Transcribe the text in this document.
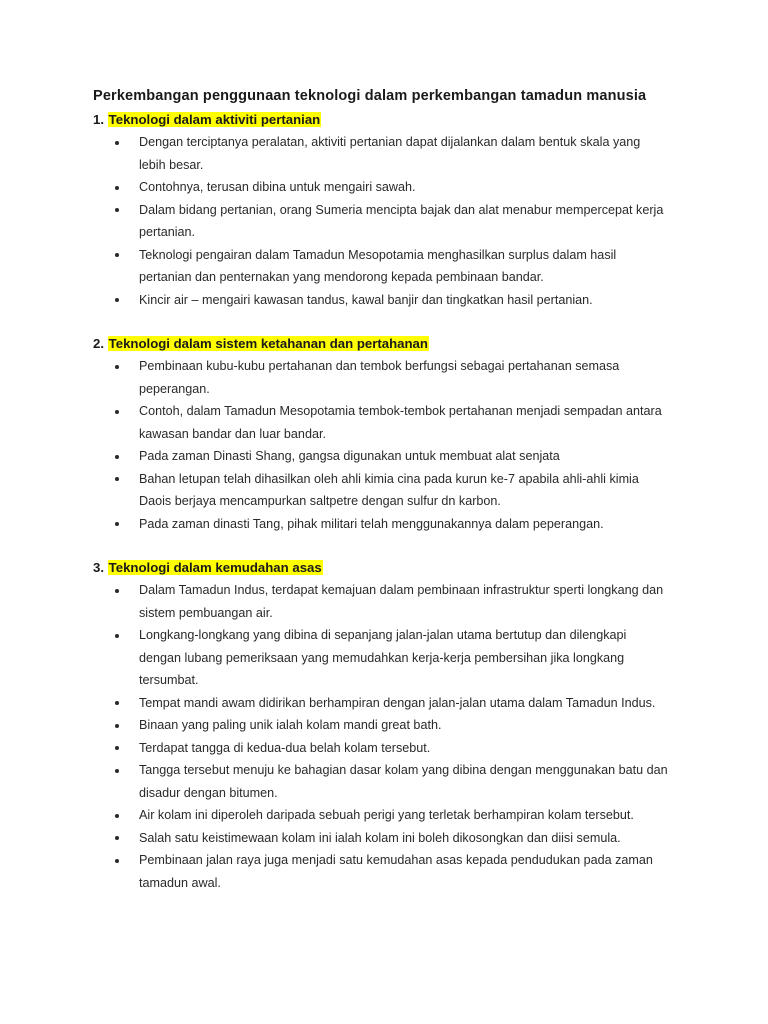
Perkembangan penggunaan teknologi dalam perkembangan tamadun manusia
1. Teknologi dalam aktiviti pertanian
Dengan terciptanya peralatan, aktiviti pertanian dapat dijalankan dalam bentuk skala yang lebih besar.
Contohnya, terusan dibina untuk mengairi sawah.
Dalam bidang pertanian, orang Sumeria mencipta bajak dan alat menabur mempercepat kerja pertanian.
Teknologi pengairan dalam Tamadun Mesopotamia menghasilkan surplus dalam hasil pertanian dan penternakan yang mendorong kepada pembinaan bandar.
Kincir air – mengairi kawasan tandus, kawal banjir dan tingkatkan hasil pertanian.
2. Teknologi dalam sistem ketahanan dan pertahanan
Pembinaan kubu-kubu pertahanan dan tembok berfungsi sebagai pertahanan semasa peperangan.
Contoh, dalam Tamadun Mesopotamia tembok-tembok pertahanan menjadi sempadan antara kawasan bandar dan luar bandar.
Pada zaman Dinasti Shang, gangsa digunakan untuk membuat alat senjata
Bahan letupan telah dihasilkan oleh ahli kimia cina pada kurun ke-7 apabila ahli-ahli kimia Daois berjaya mencampurkan saltpetre dengan sulfur dn karbon.
Pada zaman dinasti Tang, pihak militari telah menggunakannya dalam peperangan.
3. Teknologi dalam kemudahan asas
Dalam Tamadun Indus, terdapat kemajuan dalam pembinaan infrastruktur sperti longkang dan sistem pembuangan air.
Longkang-longkang yang dibina di sepanjang jalan-jalan utama bertutup dan dilengkapi dengan lubang pemeriksaan yang memudahkan kerja-kerja pembersihan jika longkang tersumbat.
Tempat mandi awam didirikan berhampiran dengan jalan-jalan utama dalam Tamadun Indus.
Binaan yang paling unik ialah kolam mandi great bath.
Terdapat tangga di kedua-dua belah kolam tersebut.
Tangga tersebut menuju ke bahagian dasar kolam yang dibina dengan menggunakan batu dan disadur dengan bitumen.
Air kolam ini diperoleh daripada sebuah perigi yang terletak berhampiran kolam tersebut.
Salah satu keistimewaan kolam ini ialah kolam ini boleh dikosongkan dan diisi semula.
Pembinaan jalan raya juga menjadi satu kemudahan asas kepada pendudukan pada zaman tamadun awal.
